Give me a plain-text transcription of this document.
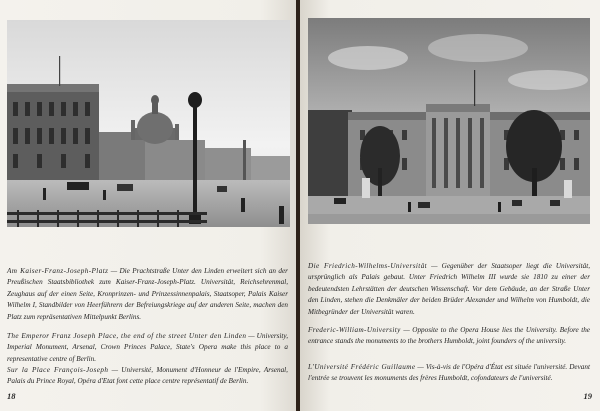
Am Kaiser-Franz-Joseph-Platz — Die Prachtstraße Unter den Linden erweitert sich an der Preußischen Staatsbibliothek zum Kaiser-Franz-Joseph-Platz. Universität, Reichsehrenmal, Zeughaus auf der einen Seite, Kronprinzen- und Prinzessinnenpalais, Staatsoper, Palais Kaiser Wilhelm I, Standbilder von Heerführern der Befreiungskriege auf der anderen Seite, machen den Platz zum repräsentativen Mittelpunkt Berlins.
The Emperor Franz Joseph Place, the end of the street Unter den Linden — University, Imperial Monument, Arsenal, Crown Princes Palace, State's Opera make this place to a representative centre of Berlin.
Sur la Place François-Joseph — Université, Monument d'Honneur de l'Empire, Arsenal, Palais du Prince Royal, Opéra d'Etat font cette place centre représentatif de Berlin.
18
Die Friedrich-Wilhelms-Universität — Gegenüber der Staatsoper liegt die Universität, ursprünglich als Palais gebaut. Unter Friedrich Wilhelm III wurde sie 1810 zu einer der bedeutendsten Lehrstätten der deutschen Wissenschaft. Vor dem Gebäude, an der Straße Unter den Linden, stehen die Denkmäler der beiden Brüder Alexander und Wilhelm von Humboldt, die Mitbegründer der Universität waren.
Frederic-William-University — Opposite to the Opera House lies the University. Before the entrance stands the monuments to the brothers Humboldt, joint founders of the university.
L'Université Frédéric Guillaume — Vis-à-vis de l'Opéra d'État est située l'université. Devant l'entrée se trouvent les monuments des frères Humboldt, cofondateurs de l'université.
19
